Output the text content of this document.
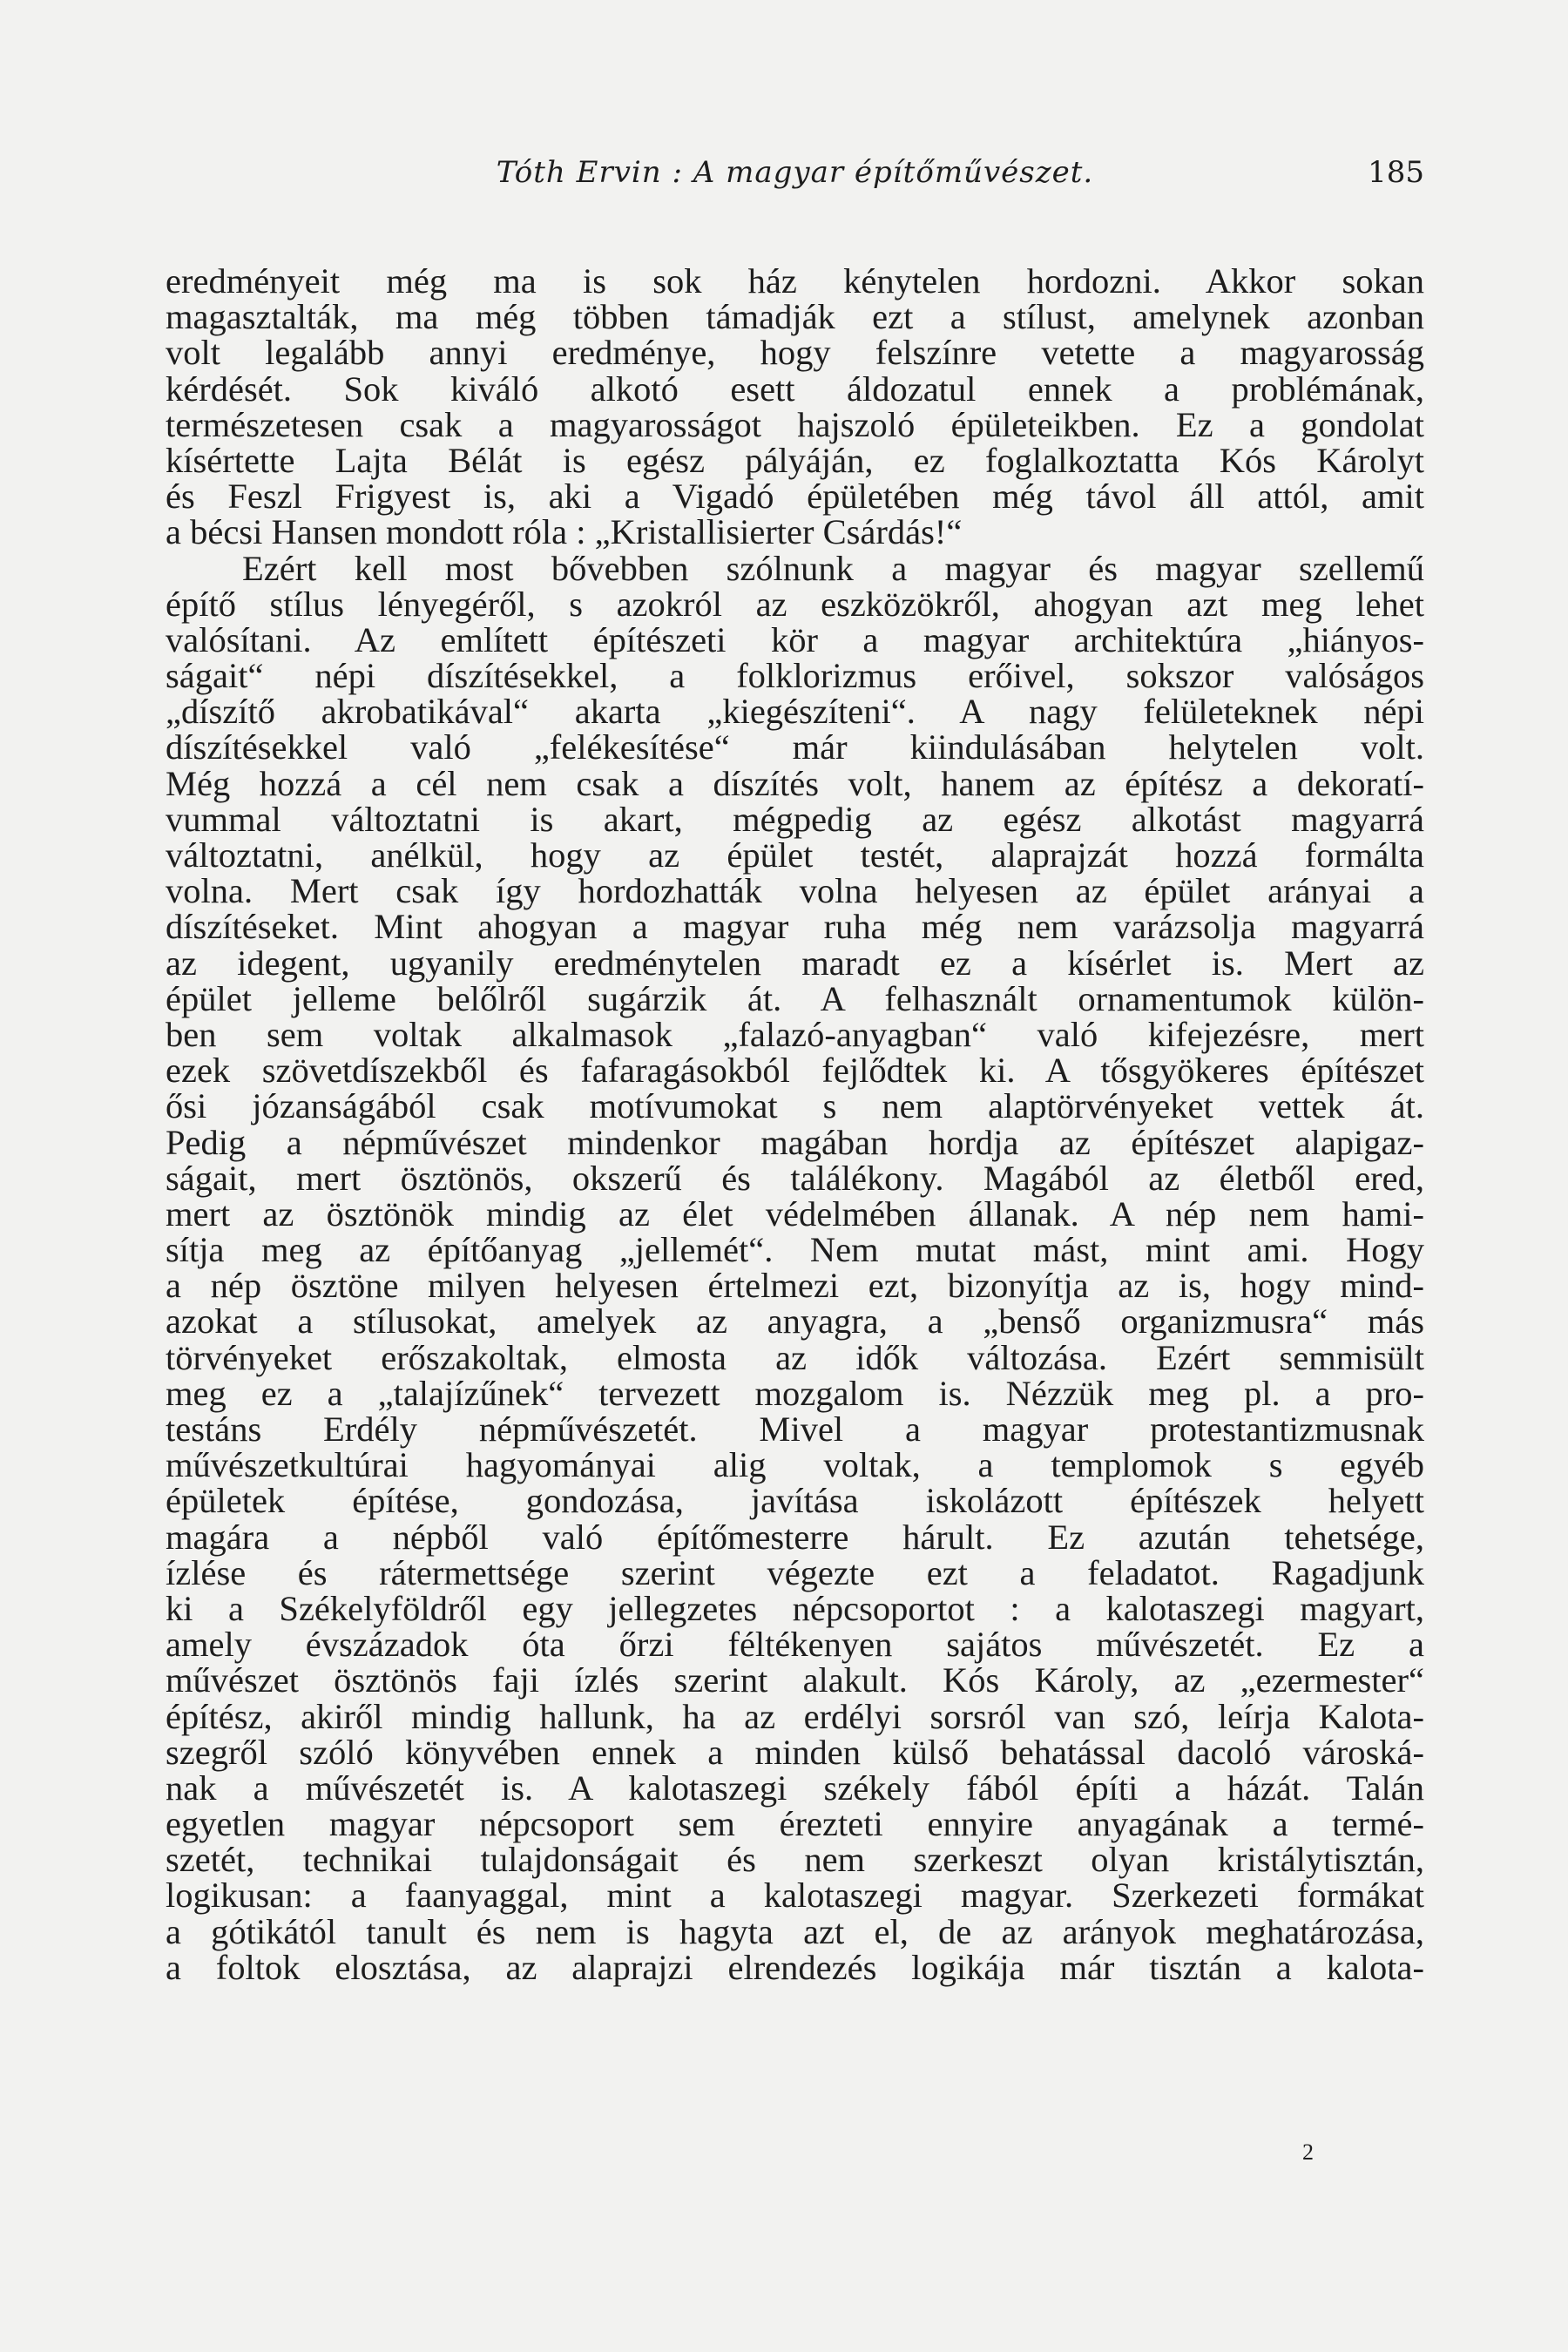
Tóth Ervin : A magyar építőművészet.	185
eredményeit még ma is sok ház kénytelen hordozni. Akkor sokan
magasztalták, ma még többen támadják ezt a stílust, amelynek azonban
volt legalább annyi eredménye, hogy felszínre vetette a magyarosság
kérdését. Sok kiváló alkotó esett áldozatul ennek a problémának,
természetesen csak a magyarosságot hajszoló épületeikben. Ez a gondolat
kísértette Lajta Bélát is egész pályáján, ez foglalkoztatta Kós Károlyt
és Feszl Frigyest is, aki a Vigadó épületében még távol áll attól, amit
a bécsi Hansen mondott róla : „Kristallisierter Csárdás!“
Ezért kell most bővebben szólnunk a magyar és magyar szellemű
építő stílus lényegéről, s azokról az eszközökről, ahogyan azt meg lehet
valósítani. Az említett építészeti kör a magyar architektúra „hiányos-
ságait“ népi díszítésekkel, a folklorizmus erőivel, sokszor valóságos
„díszítő akrobatikával“ akarta „kiegészíteni“. A nagy felületeknek népi
díszítésekkel való „felékesítése“ már kiindulásában helytelen volt.
Még hozzá a cél nem csak a díszítés volt, hanem az építész a dekoratí-
vummal változtatni is akart, mégpedig az egész alkotást magyarrá
változtatni, anélkül, hogy az épület testét, alaprajzát hozzá formálta
volna. Mert csak így hordozhatták volna helyesen az épület arányai a
díszítéseket. Mint ahogyan a magyar ruha még nem varázsolja magyarrá
az idegent, ugyanily eredménytelen maradt ez a kísérlet is. Mert az
épület jelleme belőlről sugárzik át. A felhasznált ornamentumok külön-
ben sem voltak alkalmasok „falazó-anyagban“ való kifejezésre, mert
ezek szövetdíszekből és fafaragásokból fejlődtek ki. A tősgyökeres építészet
ősi józanságából csak motívumokat s nem alaptörvényeket vettek át.
Pedig a népművészet mindenkor magában hordja az építészet alapigaz-
ságait, mert ösztönös, okszerű és találékony. Magából az életből ered,
mert az ösztönök mindig az élet védelmében állanak. A nép nem hami-
sítja meg az építőanyag „jellemét“. Nem mutat mást, mint ami. Hogy
a nép ösztöne milyen helyesen értelmezi ezt, bizonyítja az is, hogy mind-
azokat a stílusokat, amelyek az anyagra, a „benső organizmusra“ más
törvényeket erőszakoltak, elmosta az idők változása. Ezért semmisült
meg ez a „talajízűnek“ tervezett mozgalom is. Nézzük meg pl. a pro-
testáns Erdély népművészetét. Mivel a magyar protestantizmusnak
művészetkultúrai hagyományai alig voltak, a templomok s egyéb
épületek építése, gondozása, javítása iskolázott építészek helyett
magára a népből való építőmesterre hárult. Ez azután tehetsége,
ízlése és rátermettsége szerint végezte ezt a feladatot. Ragadjunk
ki a Székelyföldről egy jellegzetes népcsoportot : a kalotaszegi magyart,
amely évszázadok óta őrzi féltékenyen sajátos művészetét. Ez a
művészet ösztönös faji ízlés szerint alakult. Kós Károly, az „ezermester“
építész, akiről mindig hallunk, ha az erdélyi sorsról van szó, leírja Kalota-
szegről szóló könyvében ennek a minden külső behatással dacoló városká-
nak a művészetét is. A kalotaszegi székely fából építi a házát. Talán
egyetlen magyar népcsoport sem érezteti ennyire anyagának a termé-
szetét, technikai tulajdonságait és nem szerkeszt olyan kristálytisztán,
logikusan: a faanyaggal, mint a kalotaszegi magyar. Szerkezeti formákat
a gótikától tanult és nem is hagyta azt el, de az arányok meghatározása,
a foltok elosztása, az alaprajzi elrendezés logikája már tisztán a kalota-
2
